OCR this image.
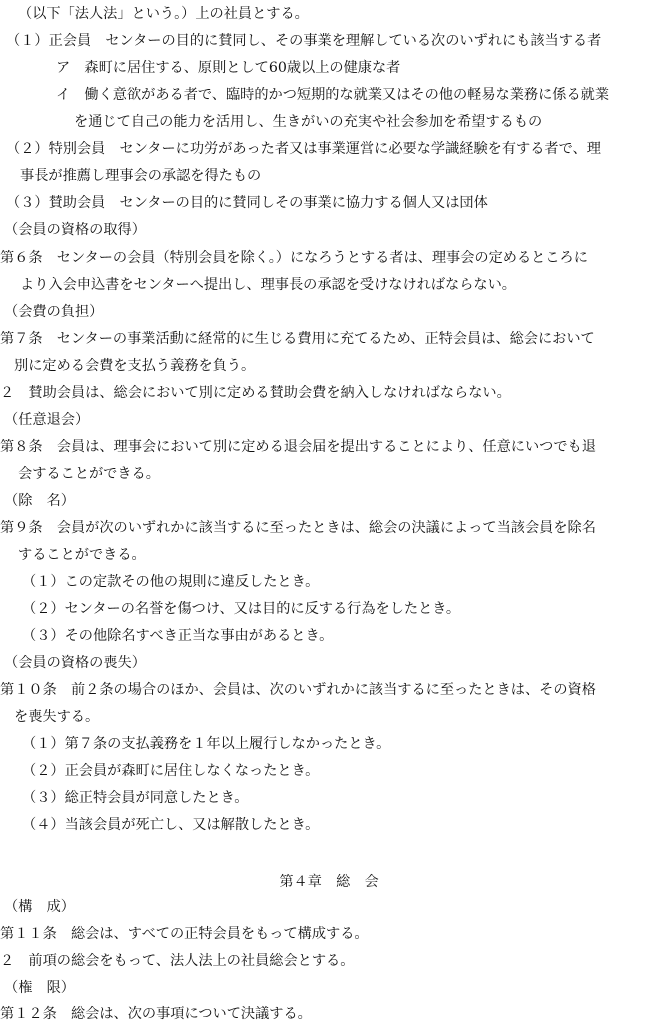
（以下「法人法」という。）上の社員とする。
（１）正会員　センターの目的に賛同し、その事業を理解している次のいずれにも該当する者
ア　森町に居住する、原則として60歳以上の健康な者
イ　働く意欲がある者で、臨時的かつ短期的な就業又はその他の軽易な業務に係る就業
を通じて自己の能力を活用し、生きがいの充実や社会参加を希望するもの
（２）特別会員　センターに功労があった者又は事業運営に必要な学識経験を有する者で、理
事長が推薦し理事会の承認を得たもの
（３）賛助会員　センターの目的に賛同しその事業に協力する個人又は団体
（会員の資格の取得）
第６条　センターの会員（特別会員を除く。）になろうとする者は、理事会の定めるところに
より入会申込書をセンターへ提出し、理事長の承認を受けなければならない。
（会費の負担）
第７条　センターの事業活動に経常的に生じる費用に充てるため、正特会員は、総会において
別に定める会費を支払う義務を負う。
２　賛助会員は、総会において別に定める賛助会費を納入しなければならない。
（任意退会）
第８条　会員は、理事会において別に定める退会届を提出することにより、任意にいつでも退
会することができる。
（除　名）
第９条　会員が次のいずれかに該当するに至ったときは、総会の決議によって当該会員を除名
することができる。
（１）この定款その他の規則に違反したとき。
（２）センターの名誉を傷つけ、又は目的に反する行為をしたとき。
（３）その他除名すべき正当な事由があるとき。
（会員の資格の喪失）
第１０条　前２条の場合のほか、会員は、次のいずれかに該当するに至ったときは、その資格
を喪失する。
（１）第７条の支払義務を１年以上履行しなかったとき。
（２）正会員が森町に居住しなくなったとき。
（３）総正特会員が同意したとき。
（４）当該会員が死亡し、又は解散したとき。
第４章　総　会
（構　成）
第１１条　総会は、すべての正特会員をもって構成する。
２　前項の総会をもって、法人法上の社員総会とする。
（権　限）
第１２条　総会は、次の事項について決議する。
